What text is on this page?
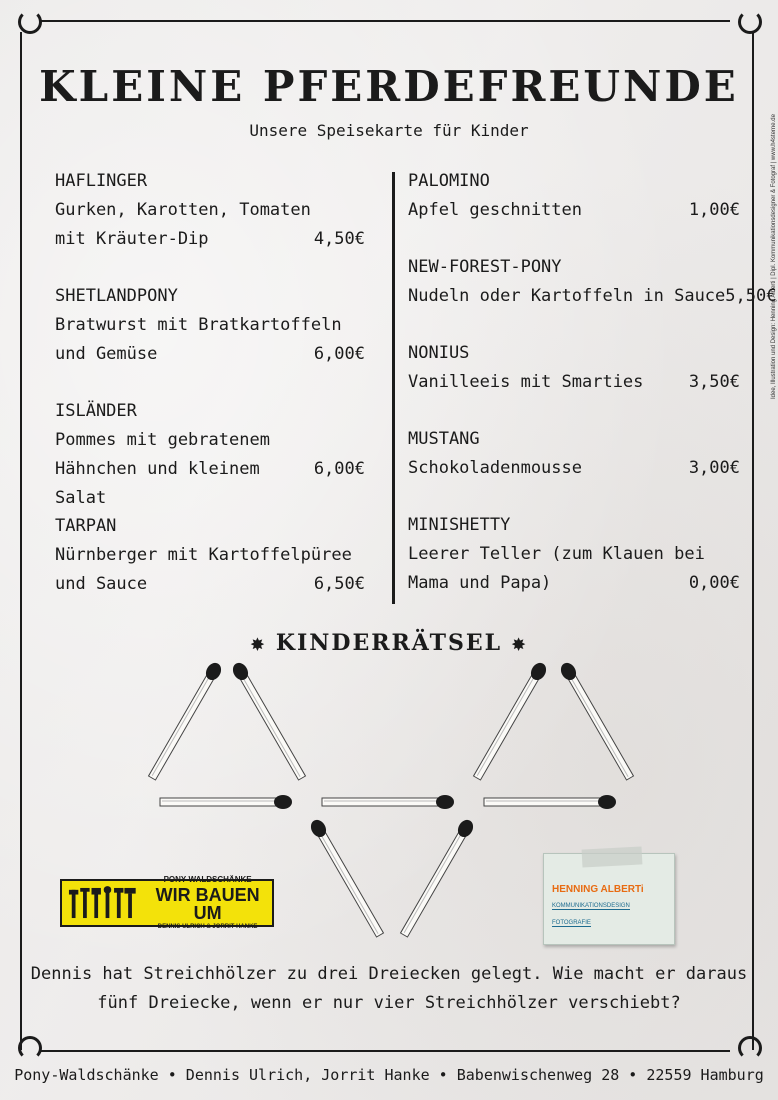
KLEINE PFERDEFREUNDE
Unsere Speisekarte für Kinder	Idee, Illustration und Design: Henning Alberti | Dipl. Kommunikationsdesigner & Fotograf | www.h4sterne.de
HAFLINGER
Gurken, Karotten, Tomaten
mit Kräuter-Dip	4,50€
SHETLANDPONY
Bratwurst mit Bratkartoffeln
und Gemüse	6,00€
ISLÄNDER
Pommes mit gebratenem
Hähnchen und kleinem Salat
6,00€
TARPAN
Nürnberger mit Kartoffelpüree
und Sauce	6,50€
PALOMINO
Apfel geschnitten	1,00€
NEW-FOREST-PONY
Nudeln oder Kartoffeln in Sauce 5,50€
NONIUS
Vanilleeis mit Smarties	3,50€
MUSTANG
Schokoladenmousse	3,00€
MINISHETTY
Leerer Teller (zum Klauen bei
Mama und Papa)	0,00€
✸ KINDERRÄTSEL ✸
PONY-WALDSCHÄNKE
WIR BAUEN UM
DENNIS ULRICH & JORRIT HANKE
HENNING ALBERTi
KOMMUNIKATIONSDESIGN
FOTOGRAFIE
Dennis hat Streichhölzer zu drei Dreiecken gelegt. Wie macht er daraus
fünf Dreiecke, wenn er nur vier Streichhölzer verschiebt?
Pony-Waldschänke • Dennis Ulrich, Jorrit Hanke • Babenwischenweg 28 • 22559 Hamburg
